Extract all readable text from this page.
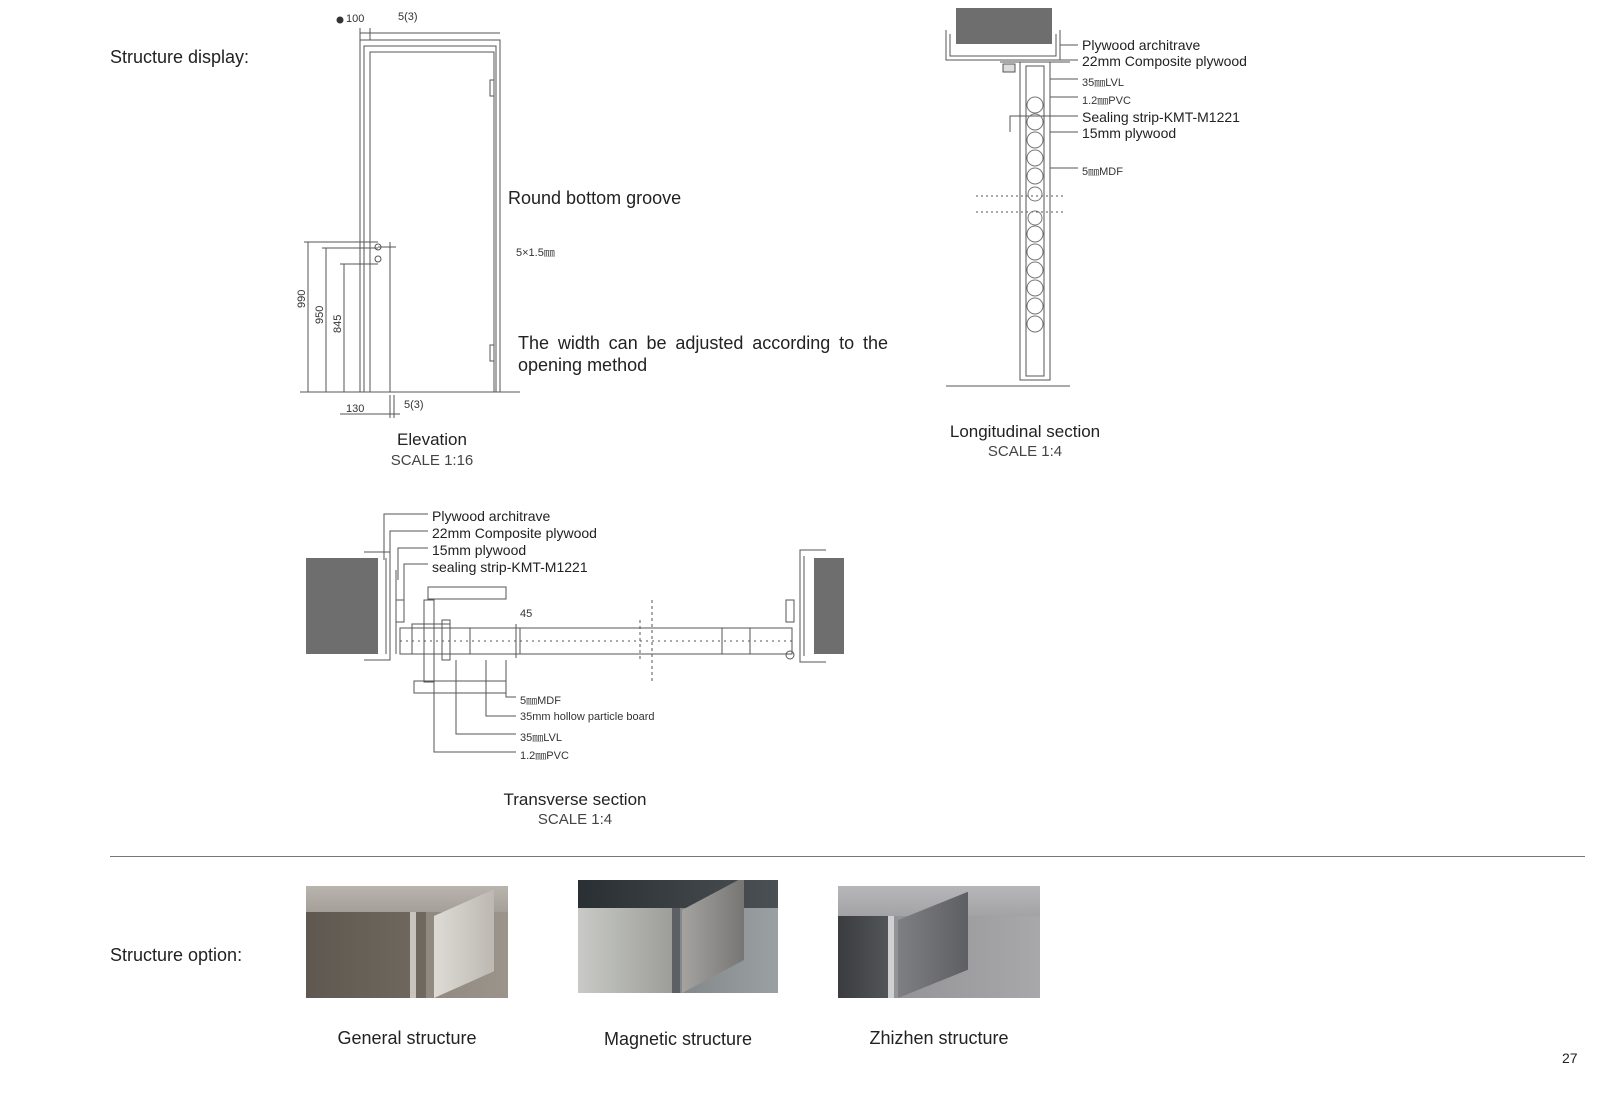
Structure display:
Structure option:
100	5(3)
990
950 845
130	5(3)
Round bottom groove
5×1.5㎜
The width can be adjusted according to the opening method
Elevation
SCALE 1:16
Plywood architrave
22mm Composite plywood
35㎜LVL
1.2㎜PVC
Sealing strip-KMT-M1221
15mm plywood
5㎜MDF
Longitudinal section
SCALE 1:4
Plywood architrave
22mm Composite plywood
15mm plywood
sealing strip-KMT-M1221
45
5㎜MDF
35mm hollow particle board
35㎜LVL
1.2㎜PVC
Transverse section
SCALE 1:4
General structure	Magnetic structure	Zhizhen structure
27
